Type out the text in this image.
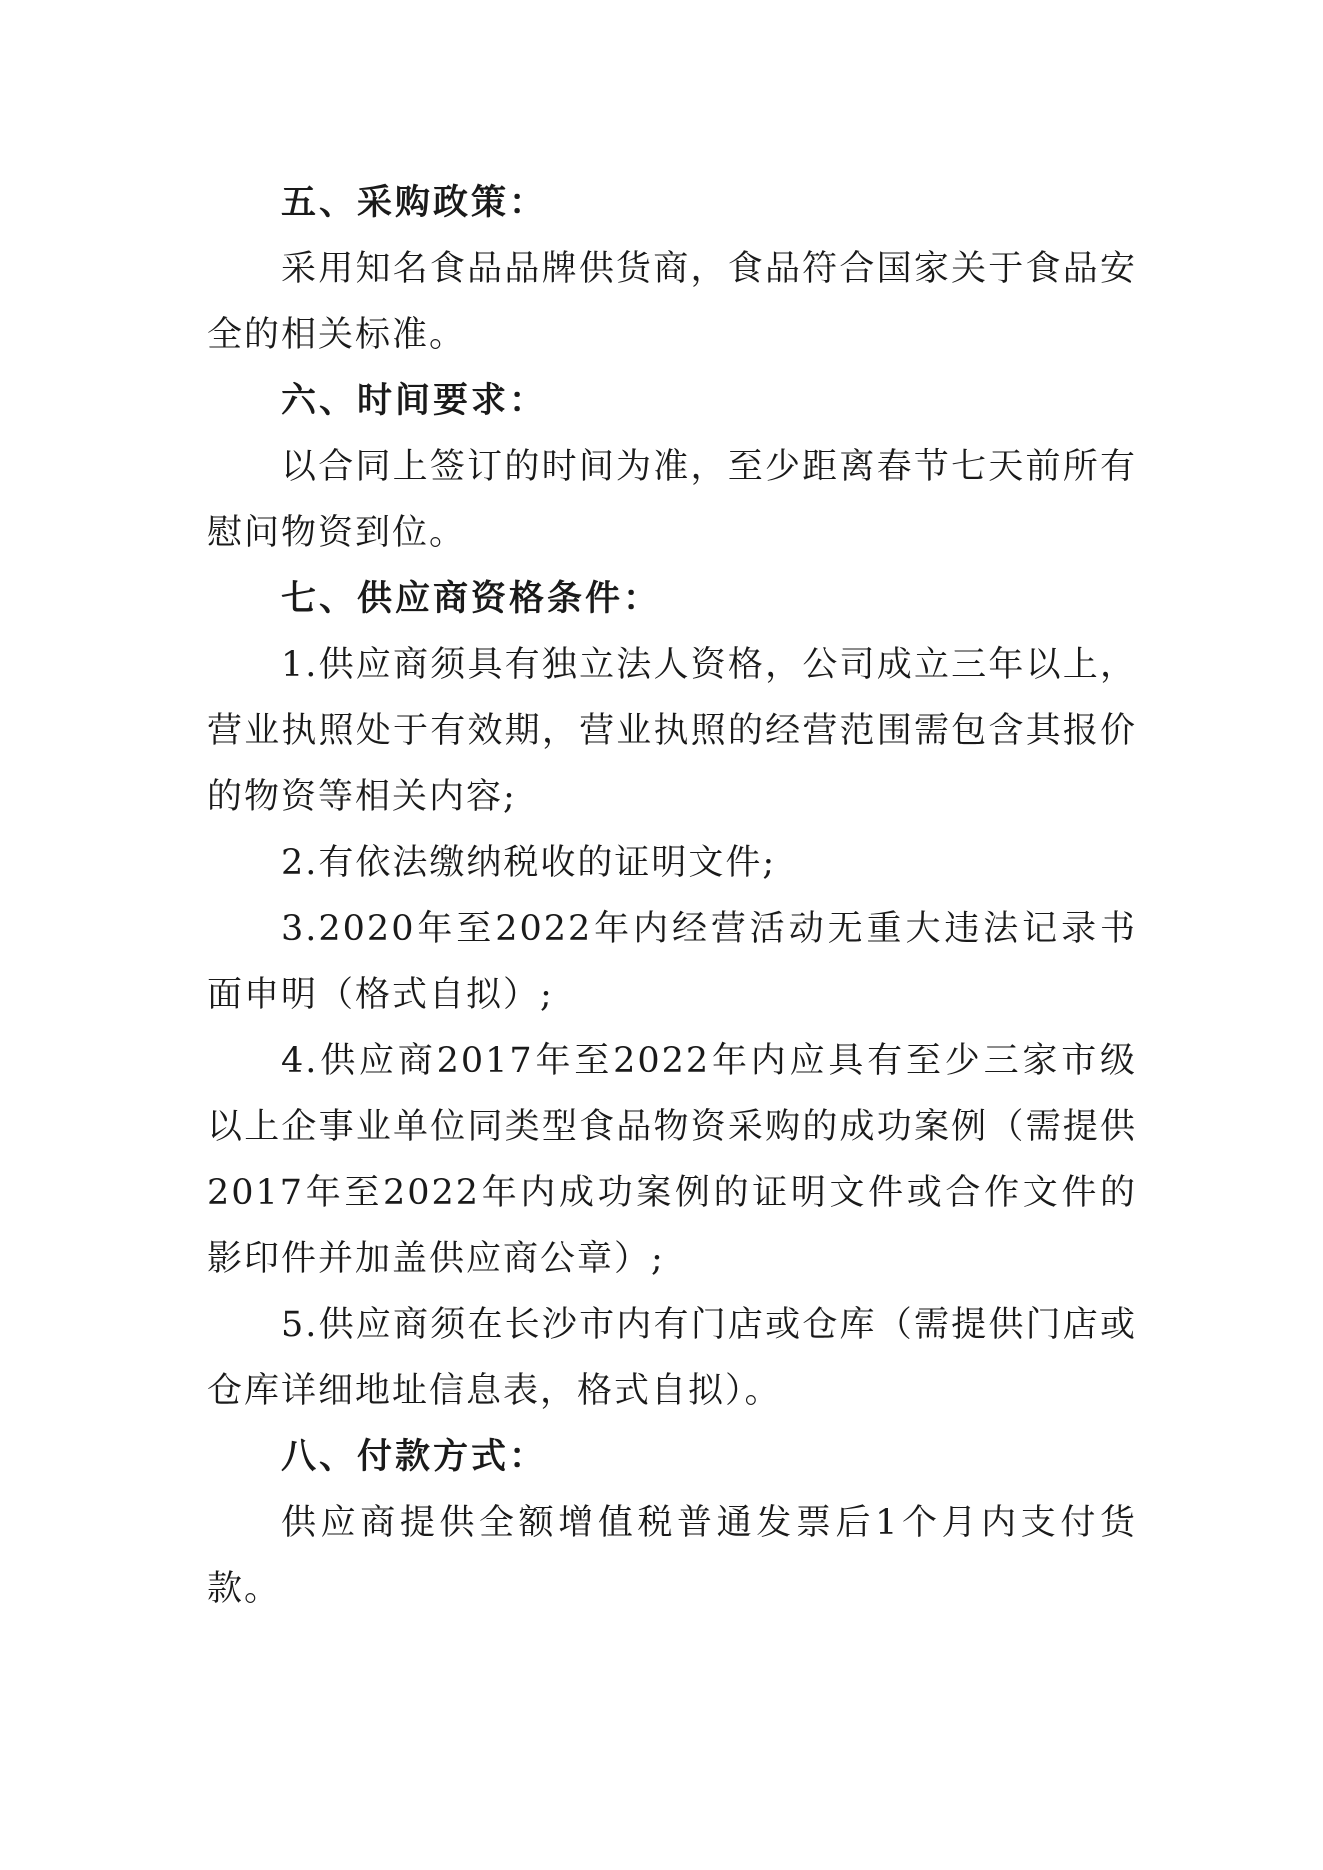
五、采购政策：

采用知名食品品牌供货商，食品符合国家关于食品安全的相关标准。

六、时间要求：

以合同上签订的时间为准，至少距离春节七天前所有慰问物资到位。

七、供应商资格条件：

1.供应商须具有独立法人资格，公司成立三年以上，营业执照处于有效期，营业执照的经营范围需包含其报价的物资等相关内容;

2.有依法缴纳税收的证明文件;

3.2020年至2022年内经营活动无重大违法记录书面申明（格式自拟）;

4.供应商2017年至2022年内应具有至少三家市级以上企事业单位同类型食品物资采购的成功案例（需提供2017年至2022年内成功案例的证明文件或合作文件的影印件并加盖供应商公章）;

5.供应商须在长沙市内有门店或仓库（需提供门店或仓库详细地址信息表，格式自拟）。

八、付款方式：

供应商提供全额增值税普通发票后1个月内支付货款。
